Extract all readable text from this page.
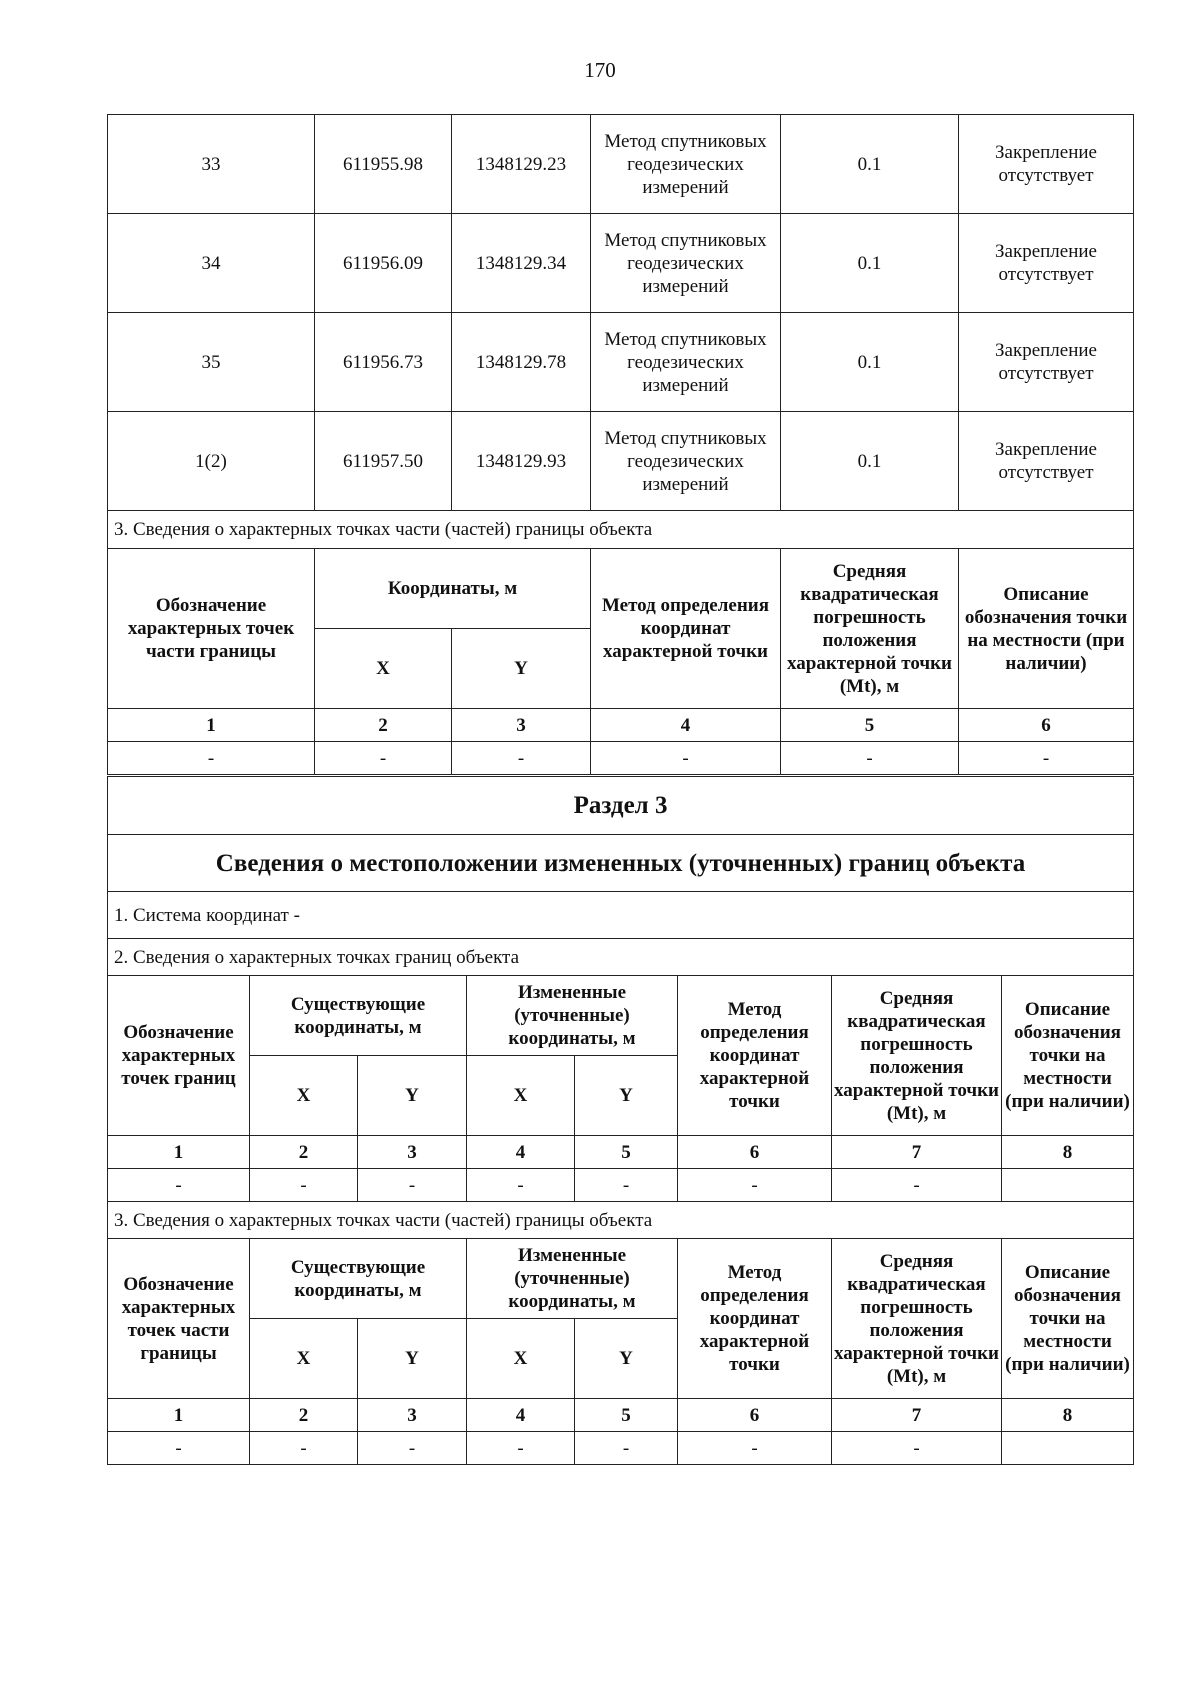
170
33	611955.98	1348129.23	Метод спутниковых геодезических измерений	0.1	Закрепление отсутствует
34	611956.09	1348129.34	Метод спутниковых геодезических измерений	0.1	Закрепление отсутствует
35	611956.73	1348129.78	Метод спутниковых геодезических измерений	0.1	Закрепление отсутствует
1(2)	611957.50	1348129.93	Метод спутниковых геодезических измерений	0.1	Закрепление отсутствует
3. Сведения о характерных точках части (частей) границы объекта					
Обозначение характерных точек части границы	Координаты, м		Метод определения координат характерной точки	Средняя квадратическая погрешность положения характерной точки (Mt), м	Описание обозначения точки на местности (при наличии)
	X	Y			
1	2	3	4	5	6
-	-	-	-	-	-
Раздел 3							
Сведения о местоположении измененных (уточненных) границ объекта							
1. Система координат -							
2. Сведения о характерных точках границ объекта							
Обозначение характерных точек границ	Существующие координаты, м		Измененные (уточненные) координаты, м		Метод определения координат характерной точки	Средняя квадратическая погрешность положения характерной точки (Mt), м	Описание обозначения точки на местности (при наличии)
	X	Y	X	Y			
1	2	3	4	5	6	7	8
-	-	-	-	-	-	-	
3. Сведения о характерных точках части (частей) границы объекта							
Обозначение характерных точек части границы	Существующие координаты, м		Измененные (уточненные) координаты, м		Метод определения координат характерной точки	Средняя квадратическая погрешность положения характерной точки (Mt), м	Описание обозначения точки на местности (при наличии)
	X	Y	X	Y			
1	2	3	4	5	6	7	8
-	-	-	-	-	-	-	
